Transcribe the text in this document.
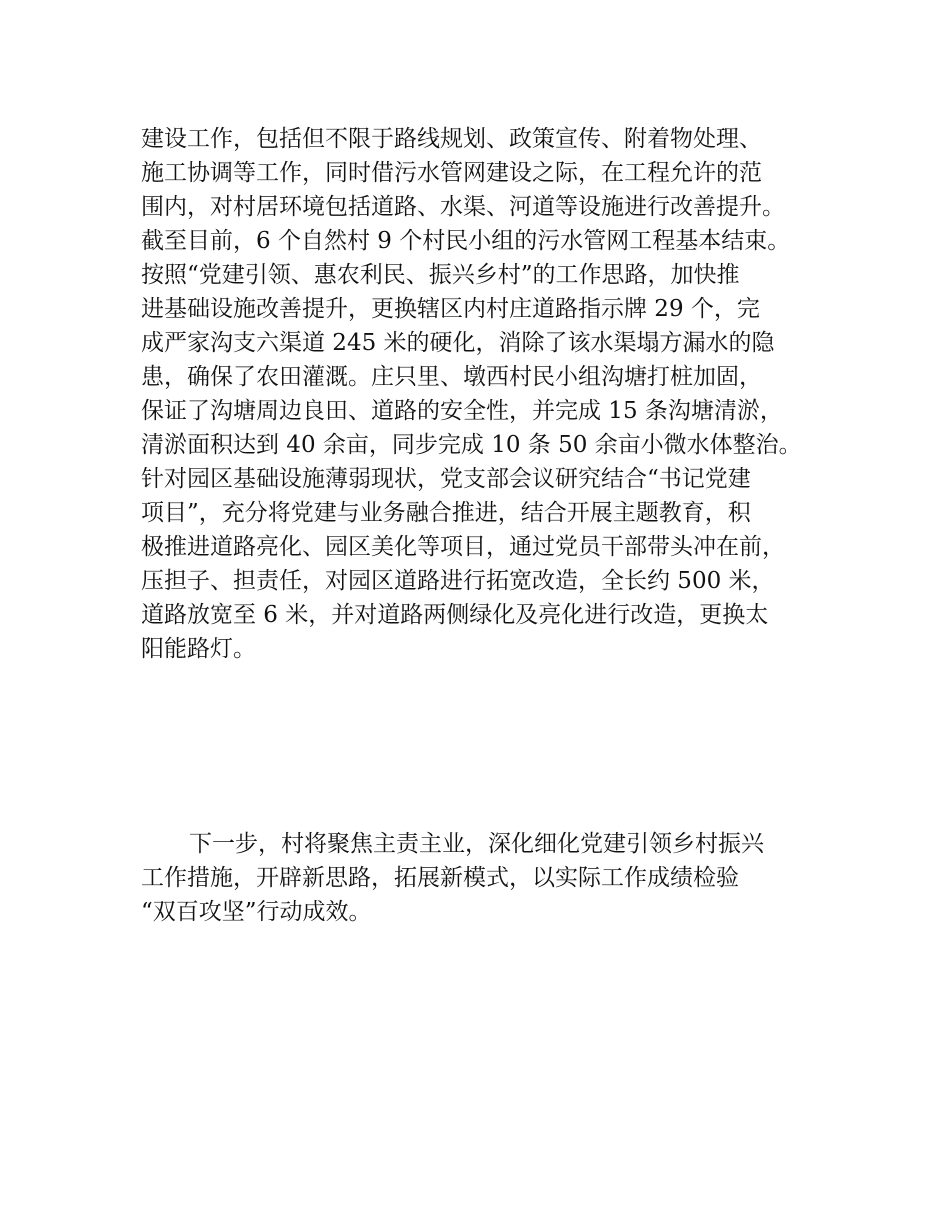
建设工作，包括但不限于路线规划、政策宣传、附着物处理、
施工协调等工作，同时借污水管网建设之际，在工程允许的范
围内，对村居环境包括道路、水渠、河道等设施进行改善提升。
截至目前，6 个自然村 9 个村民小组的污水管网工程基本结束。
按照“党建引领、惠农利民、振兴乡村”的工作思路，加快推
进基础设施改善提升，更换辖区内村庄道路指示牌 29 个，完
成严家沟支六渠道 245 米的硬化，消除了该水渠塌方漏水的隐
患，确保了农田灌溉。庄只里、墩西村民小组沟塘打桩加固，
保证了沟塘周边良田、道路的安全性，并完成 15 条沟塘清淤，
清淤面积达到 40 余亩，同步完成 10 条 50 余亩小微水体整治。
针对园区基础设施薄弱现状，党支部会议研究结合“书记党建
项目”，充分将党建与业务融合推进，结合开展主题教育，积
极推进道路亮化、园区美化等项目，通过党员干部带头冲在前，
压担子、担责任，对园区道路进行拓宽改造，全长约 500 米，
道路放宽至 6 米，并对道路两侧绿化及亮化进行改造，更换太
阳能路灯。
下一步，村将聚焦主责主业，深化细化党建引领乡村振兴
工作措施，开辟新思路，拓展新模式，以实际工作成绩检验
“双百攻坚”行动成效。
